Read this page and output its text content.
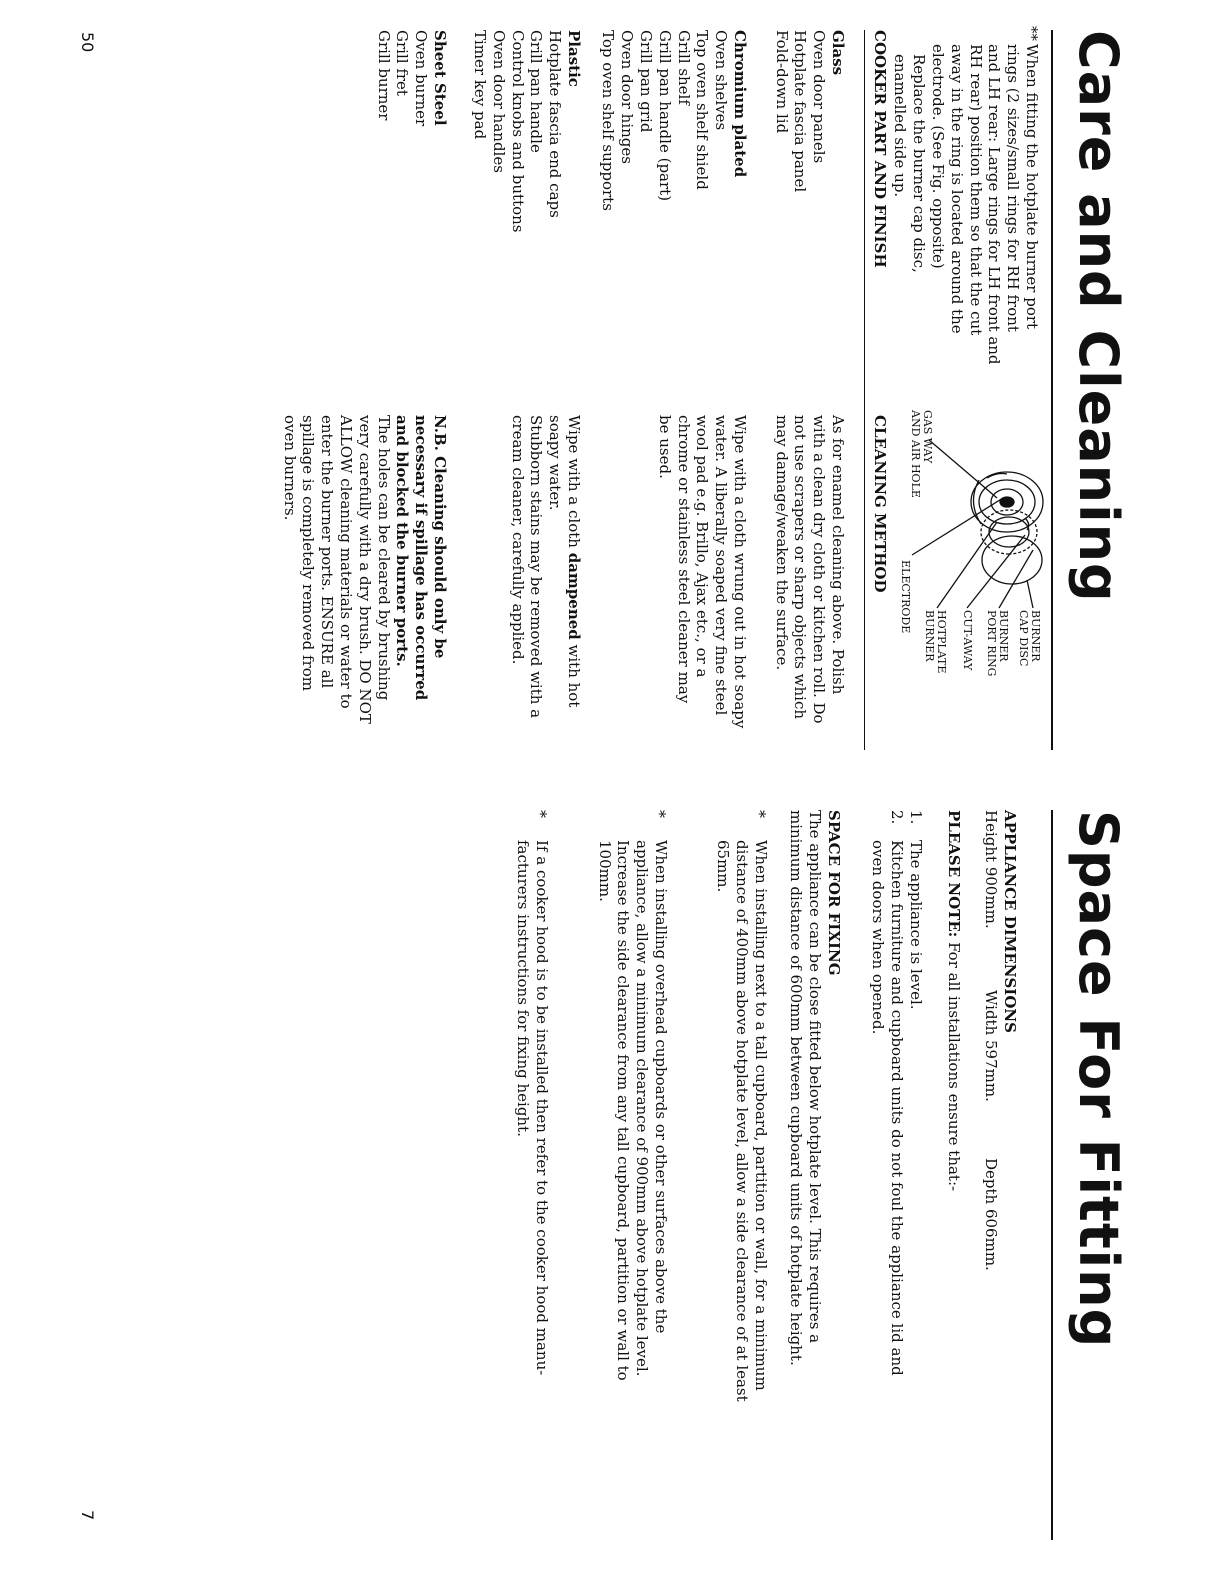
Care and Cleaning
**
When fitting the hotplate burner port
rings (2 sizes/small rings for RH front
and LH rear: Large rings for LH front and
RH rear) position them so that the cut
away in the ring is located around the
electrode. (See Fig. opposite)
Replace the burner cap disc,
enamelled side up.
BURNER
CAP DISC
BURNER
PORT RING
CUT-AWAY
HOTPLATE
BURNER
ELECTRODE
GAS WAY
AND AIR HOLE
COOKER PART AND FINISH
CLEANING METHOD
Glass
Oven door panels
Hotplate fascia panel
Fold-down lid
As for enamel cleaning above. Polish
with a clean dry cloth or kitchen roll. Do
not use scrapers or sharp objects which
may damage/weaken the surface.
Chromium plated
Oven shelves
Top oven shelf shield
Grill shelf
Grill pan handle (part)
Grill pan grid
Oven door hinges
Top oven shelf supports
Wipe with a cloth wrung out in hot soapy
water. A liberally soaped very fine steel
wool pad e.g. Brillo, Ajax etc., or a
chrome or stainless steel cleaner may
be used.
Plastic
Hotplate fascia end caps
Grill pan handle
Control knobs and buttons
Oven door handles
Timer key pad
Wipe with a cloth dampened with hot
soapy water.
Stubborn stains may be removed with a
cream cleaner, carefully applied.
Sheet Steel
Oven burner
Grill fret
Grill burner
N.B. Cleaning should only be
necessary if spillage has occurred
and blocked the burner ports.
The holes can be cleared by brushing
very carefully with a dry brush. DO NOT
ALLOW cleaning materials or water to
enter the burner ports. ENSURE all
spillage is completely removed from
oven burners.
50
Space For Fitting
APPLIANCE DIMENSIONS
Height 900mm.
Width 597mm.
Depth 606mm.
PLEASE NOTE: For all installations ensure that:-
1.
The appliance is level.
2.
Kitchen furniture and cupboard units do not foul the appliance lid and
oven doors when opened.
SPACE FOR FIXING
The appliance can be close fitted below hotplate level. This requires a
minimum distance of 600mm between cupboard units of hotplate height.
*
When installing next to a tall cupboard, partition or wall, for a minimum
distance of 400mm above hotplate level, allow a side clearance of at least
65mm.
*
When installing overhead cupboards or other surfaces above the
appliance, allow a minimum clearance of 900mm above hotplate level.
Increase the side clearance from any tall cupboard, partition or wall to
100mm.
*
If a cooker hood is to be installed then refer to the cooker hood manu-
facturers instructions for fixing height.
7
